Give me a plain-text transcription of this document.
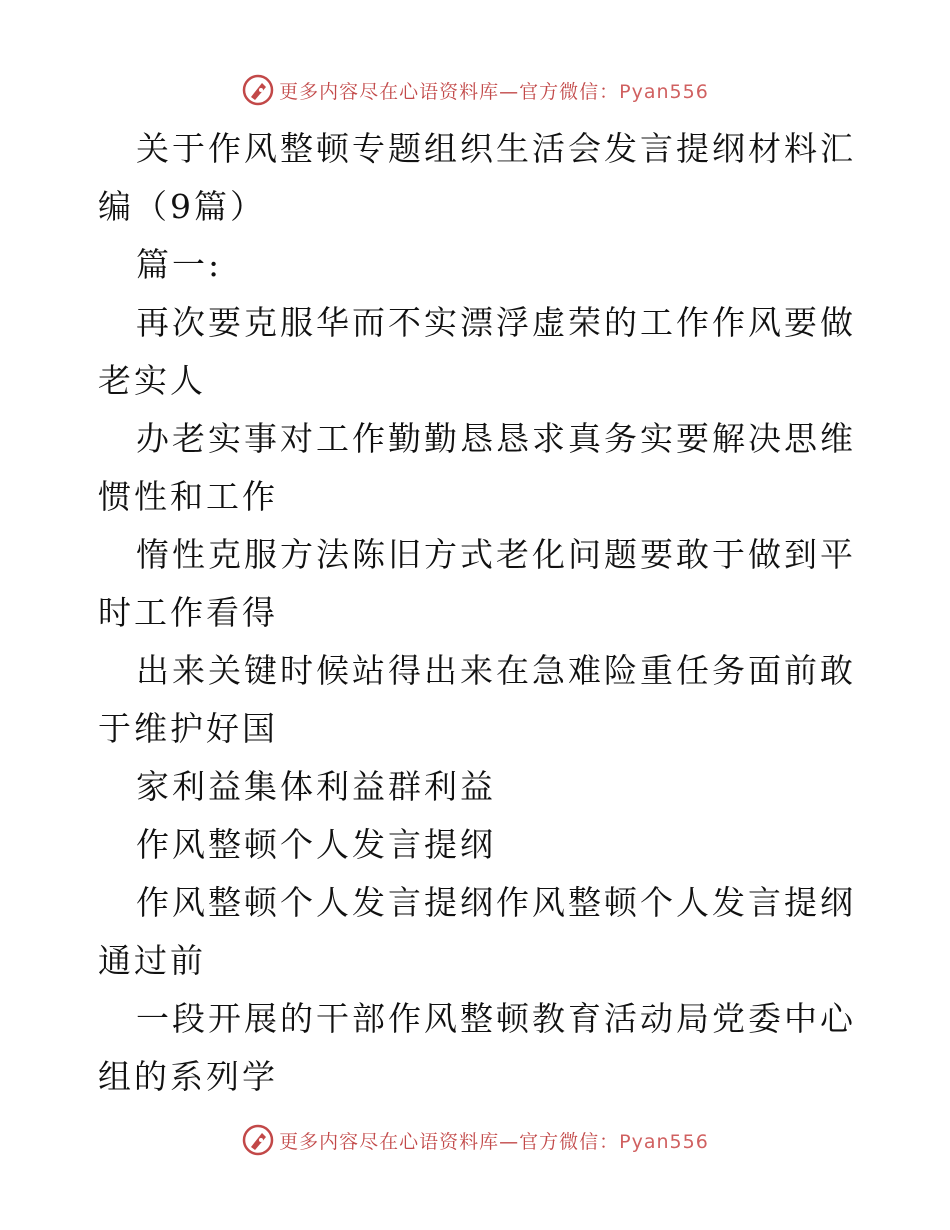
更多内容尽在心语资料库—官方微信：Pyan556

关于作风整顿专题组织生活会发言提纲材料汇编（9篇）

篇一:

再次要克服华而不实漂浮虚荣的工作作风要做老实人

办老实事对工作勤勤恳恳求真务实要解决思维惯性和工作

惰性克服方法陈旧方式老化问题要敢于做到平时工作看得

出来关键时候站得出来在急难险重任务面前敢于维护好国

家利益集体利益群利益

作风整顿个人发言提纲

作风整顿个人发言提纲作风整顿个人发言提纲通过前

一段开展的干部作风整顿教育活动局党委中心组的系列学

更多内容尽在心语资料库—官方微信：Pyan556
